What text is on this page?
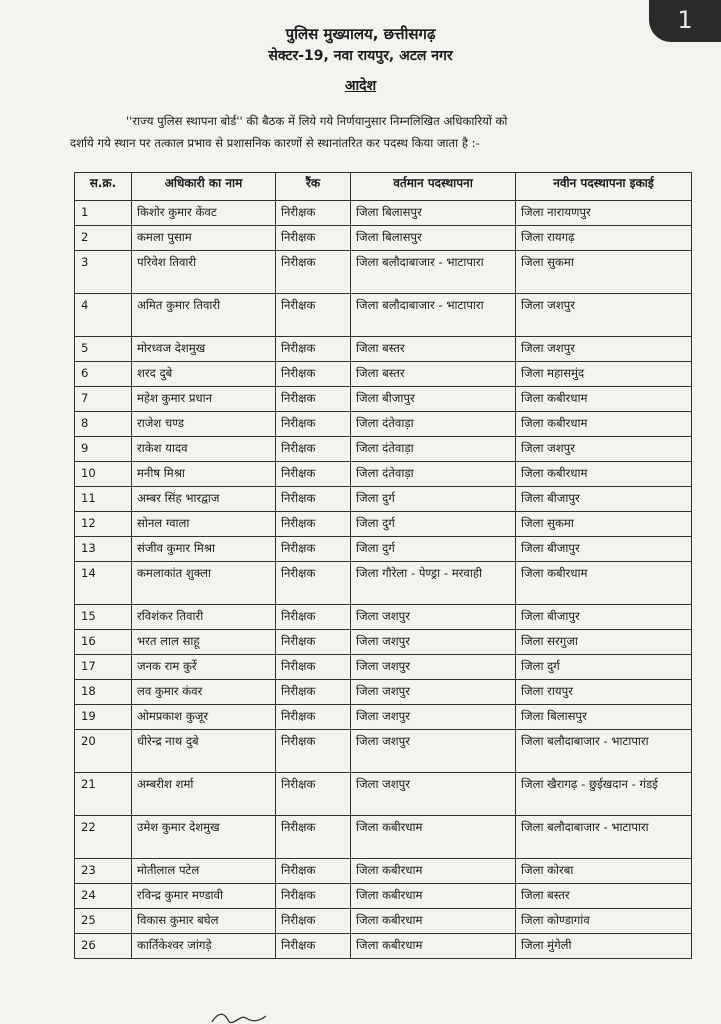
1
पुलिस मुख्यालय, छत्तीसगढ़
सेक्टर-19, नवा रायपुर, अटल नगर
आदेश
''राज्य पुलिस स्थापना बोर्ड'' की बैठक में लिये गये निर्णयानुसार निम्नलिखित अधिकारियों को
दर्शाये गये स्थान पर तत्काल प्रभाव से प्रशासनिक कारणों से स्थानांतरित कर पदस्थ किया जाता है :-
स.क्र.	अधिकारी का नाम	रैंक	वर्तमान पदस्थापना	नवीन पदस्थापना इकाई
1	किशोर कुमार केंवट	निरीक्षक	जिला बिलासपुर	जिला नारायणपुर
2	कमला पुसाम	निरीक्षक	जिला बिलासपुर	जिला रायगढ़
3	परिवेश तिवारी	निरीक्षक	जिला बलौदाबाजार - भाटापारा	जिला सुकमा
4	अमित कुमार तिवारी	निरीक्षक	जिला बलौदाबाजार - भाटापारा	जिला जशपुर
5	मोरध्वज देशमुख	निरीक्षक	जिला बस्तर	जिला जशपुर
6	शरद दुबे	निरीक्षक	जिला बस्तर	जिला महासमुंद
7	महेश कुमार प्रधान	निरीक्षक	जिला बीजापुर	जिला कबीरधाम
8	राजेश चण्ड	निरीक्षक	जिला दंतेवाड़ा	जिला कबीरधाम
9	राकेश यादव	निरीक्षक	जिला दंतेवाड़ा	जिला जशपुर
10	मनीष मिश्रा	निरीक्षक	जिला दंतेवाड़ा	जिला कबीरधाम
11	अम्बर सिंह भारद्वाज	निरीक्षक	जिला दुर्ग	जिला बीजापुर
12	सोनल ग्वाला	निरीक्षक	जिला दुर्ग	जिला सुकमा
13	संजीव कुमार मिश्रा	निरीक्षक	जिला दुर्ग	जिला बीजापुर
14	कमलाकांत शुक्ला	निरीक्षक	जिला गौरेला - पेण्ड्रा - मरवाही	जिला कबीरधाम
15	रविशंकर तिवारी	निरीक्षक	जिला जशपुर	जिला बीजापुर
16	भरत लाल साहू	निरीक्षक	जिला जशपुर	जिला सरगुजा
17	जनक राम कुर्रे	निरीक्षक	जिला जशपुर	जिला दुर्ग
18	लव कुमार कंवर	निरीक्षक	जिला जशपुर	जिला रायपुर
19	ओमप्रकाश कुजूर	निरीक्षक	जिला जशपुर	जिला बिलासपुर
20	धीरेन्द्र नाथ दुबे	निरीक्षक	जिला जशपुर	जिला बलौदाबाजार - भाटापारा
21	अम्बरीश शर्मा	निरीक्षक	जिला जशपुर	जिला खैरागढ़ - छुईखदान - गंडई
22	उमेश कुमार देशमुख	निरीक्षक	जिला कबीरधाम	जिला बलौदाबाजार - भाटापारा
23	मोतीलाल पटेल	निरीक्षक	जिला कबीरधाम	जिला कोरबा
24	रविन्द्र कुमार मण्डावी	निरीक्षक	जिला कबीरधाम	जिला बस्तर
25	विकास कुमार बघेल	निरीक्षक	जिला कबीरधाम	जिला कोण्डागांव
26	कार्तिकेश्वर जांगड़े	निरीक्षक	जिला कबीरधाम	जिला मुंगेली
